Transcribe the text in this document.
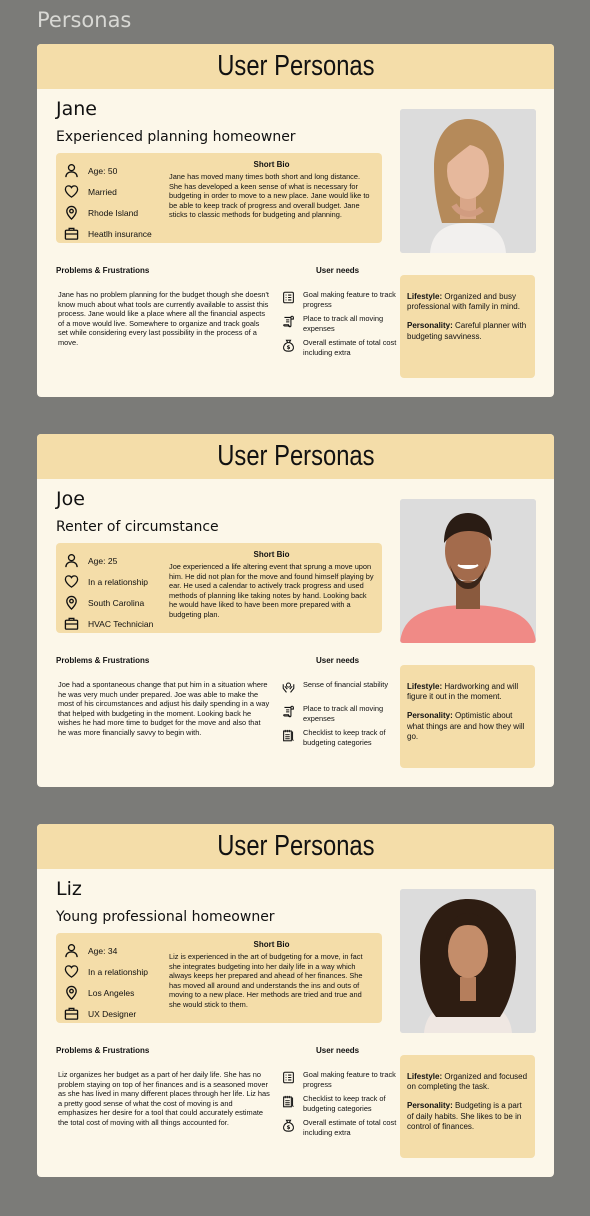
Personas
User Personas
Jane
Experienced planning homeowner
Age: 50
Married
Rhode Island
Heatlh insurance
Short Bio
Jane has moved many times both short and long distance. She has developed a keen sense of what is necessary for budgeting in order to move to a new place. Jane would like to be able to keep track of progress and overall budget. Jane sticks to classic methods for budgeting and planning.
Problems & Frustrations
Jane has no problem planning for the budget though she doesn't know much about what tools are currently available to assist this process. Jane would like a place where all the financial aspects of a move would live. Somewhere to organize and track goals set while considering every last possibility in the process of a move.
User needs
Goal making feature to track progress
Place to track all moving expenses
Overall estimate of total cost including extra
Lifestyle: Organized and busy professional with family in mind.
Personality: Careful planner with budgeting savviness.
User Personas
Joe
Renter of circumstance
Age: 25
In a relationship
South Carolina
HVAC Technician
Short Bio
Joe experienced a life altering event that sprung a move upon him. He did not plan for the move and found himself playing by ear. He used a calendar to actively track progress and used methods of planning like taking notes by hand. Looking back he would have liked to have been more prepared with a budgeting plan.
Problems & Frustrations
Joe had a spontaneous change that put him in a situation where he was very much under prepared. Joe was able to make the most of his circumstances and adjust his daily spending in a way that helped with budgeting in the moment. Looking back he wishes he had more time to budget for the move and also that he was more financially savvy to begin with.
User needs
Sense of financial stability
Place to track all moving expenses
Checklist to keep track of budgeting categories
Lifestyle: Hardworking and will figure it out in the moment.
Personality: Optimistic about what things are and how they will go.
User Personas
Liz
Young professional homeowner
Age: 34
In a relationship
Los Angeles
UX Designer
Short Bio
Liz is experienced in the art of budgeting for a move, in fact she integrates budgeting into her daily life in a way which always keeps her prepared and ahead of her finances. She has moved all around and understands the ins and outs of moving to a new place. Her methods are tried and true and she would stick to them.
Problems & Frustrations
Liz organizes her budget as a part of her daily life. She has no problem staying on top of her finances and is a seasoned mover as she has lived in many different places through her life. Liz has a pretty good sense of what the cost of moving is and emphasizes her desire for a tool that could accurately estimate the total cost of moving with all things accounted for.
User needs
Goal making feature to track progress
Checklist to keep track of budgeting categories
Overall estimate of total cost including extra
Lifestyle: Organized and focused on completing the task.
Personality: Budgeting is a part of daily habits. She likes to be in control of finances.
